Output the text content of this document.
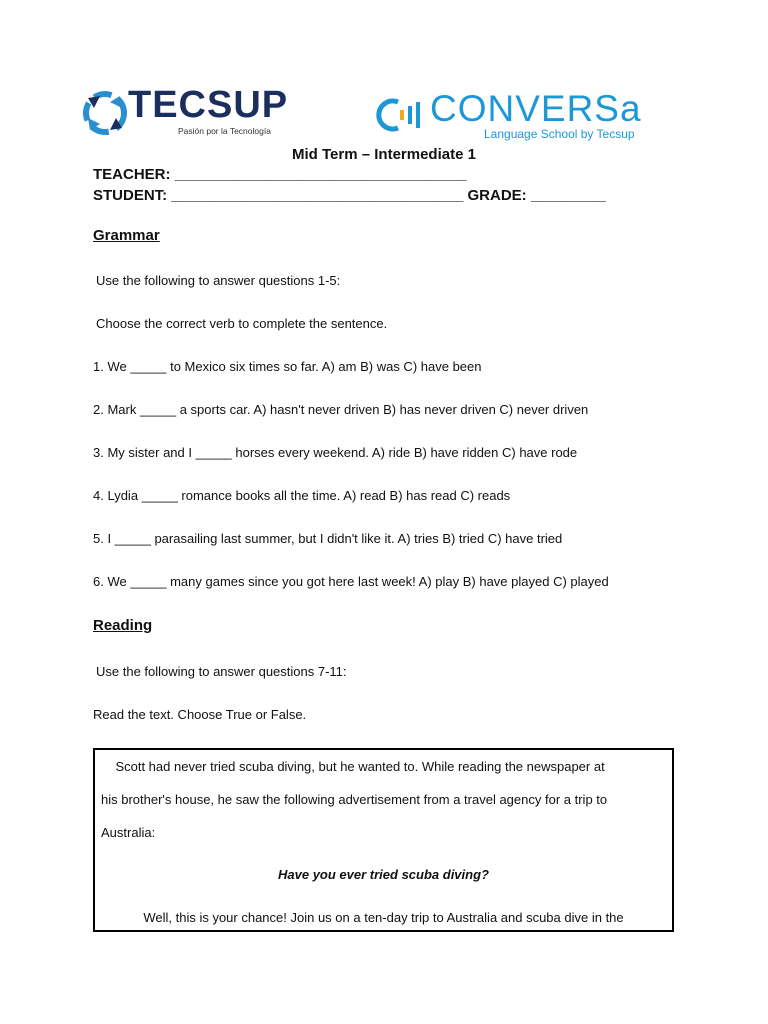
TECSUP
Pasión por la Tecnología
CONVERSa
Language School by Tecsup
Mid Term – Intermediate 1
TEACHER: ___________________________________
STUDENT: ___________________________________ GRADE: _________
Grammar
Use the following to answer questions 1-5:
Choose the correct verb to complete the sentence.
1. We _____ to Mexico six times so far. A) am B) was C) have been
2. Mark _____ a sports car. A) hasn't never driven B) has never driven C) never driven
3. My sister and I _____ horses every weekend. A) ride B) have ridden C) have rode
4. Lydia _____ romance books all the time. A) read B) has read C) reads
5. I _____ parasailing last summer, but I didn't like it. A) tries B) tried C) have tried
6. We _____ many games since you got here last week! A) play B) have played C) played
Reading
Use the following to answer questions 7-11:
Read the text. Choose True or False.

Scott had never tried scuba diving, but he wanted to. While reading the newspaper at

his brother's house, he saw the following advertisement from a travel agency for a trip to

Australia:

Have you ever tried scuba diving?

Well, this is your chance! Join us on a ten-day trip to Australia and scuba dive in the
